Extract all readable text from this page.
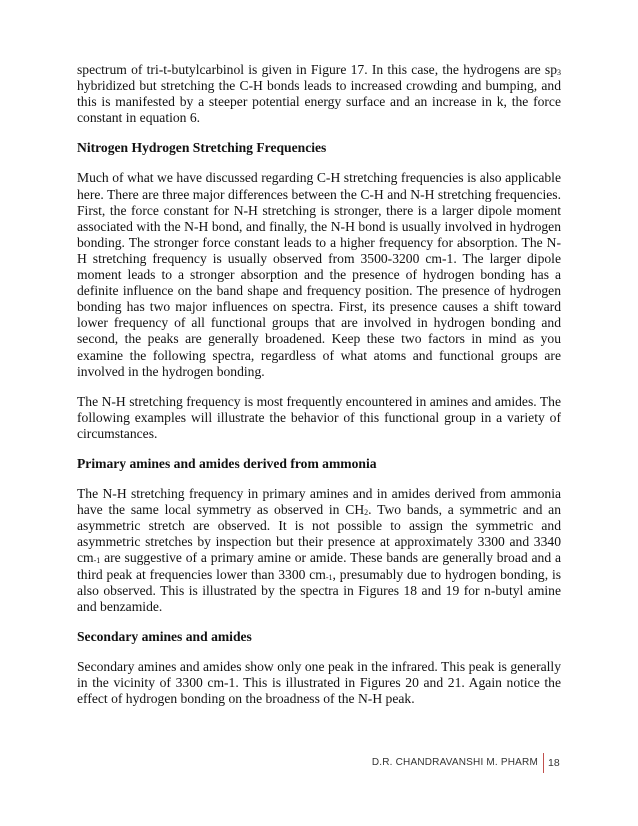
spectrum of tri-t-butylcarbinol is given in Figure 17. In this case, the hydrogens are sp3 hybridized but stretching the C-H bonds leads to increased crowding and bumping, and this is manifested by a steeper potential energy surface and an increase in k, the force constant in equation 6.

Nitrogen Hydrogen Stretching Frequencies

Much of what we have discussed regarding C-H stretching frequencies is also applicable here. There are three major differences between the C-H and N-H stretching frequencies. First, the force constant for N-H stretching is stronger, there is a larger dipole moment associated with the N-H bond, and finally, the N-H bond is usually involved in hydrogen bonding. The stronger force constant leads to a higher frequency for absorption. The N-H stretching frequency is usually observed from 3500-3200 cm-1. The larger dipole moment leads to a stronger absorption and the presence of hydrogen bonding has a definite influence on the band shape and frequency position. The presence of hydrogen bonding has two major influences on spectra. First, its presence causes a shift toward lower frequency of all functional groups that are involved in hydrogen bonding and second, the peaks are generally broadened. Keep these two factors in mind as you examine the following spectra, regardless of what atoms and functional groups are involved in the hydrogen bonding.

The N-H stretching frequency is most frequently encountered in amines and amides. The following examples will illustrate the behavior of this functional group in a variety of circumstances.

Primary amines and amides derived from ammonia

The N-H stretching frequency in primary amines and in amides derived from ammonia have the same local symmetry as observed in CH2. Two bands, a symmetric and an asymmetric stretch are observed. It is not possible to assign the symmetric and asymmetric stretches by inspection but their presence at approximately 3300 and 3340 cm-1 are suggestive of a primary amine or amide. These bands are generally broad and a third peak at frequencies lower than 3300 cm-1, presumably due to hydrogen bonding, is also observed. This is illustrated by the spectra in Figures 18 and 19 for n-butyl amine and benzamide.

Secondary amines and amides

Secondary amines and amides show only one peak in the infrared. This peak is generally in the vicinity of 3300 cm-1. This is illustrated in Figures 20 and 21. Again notice the effect of hydrogen bonding on the broadness of the N-H peak.

D.R. CHANDRAVANSHI M. PHARM 18
